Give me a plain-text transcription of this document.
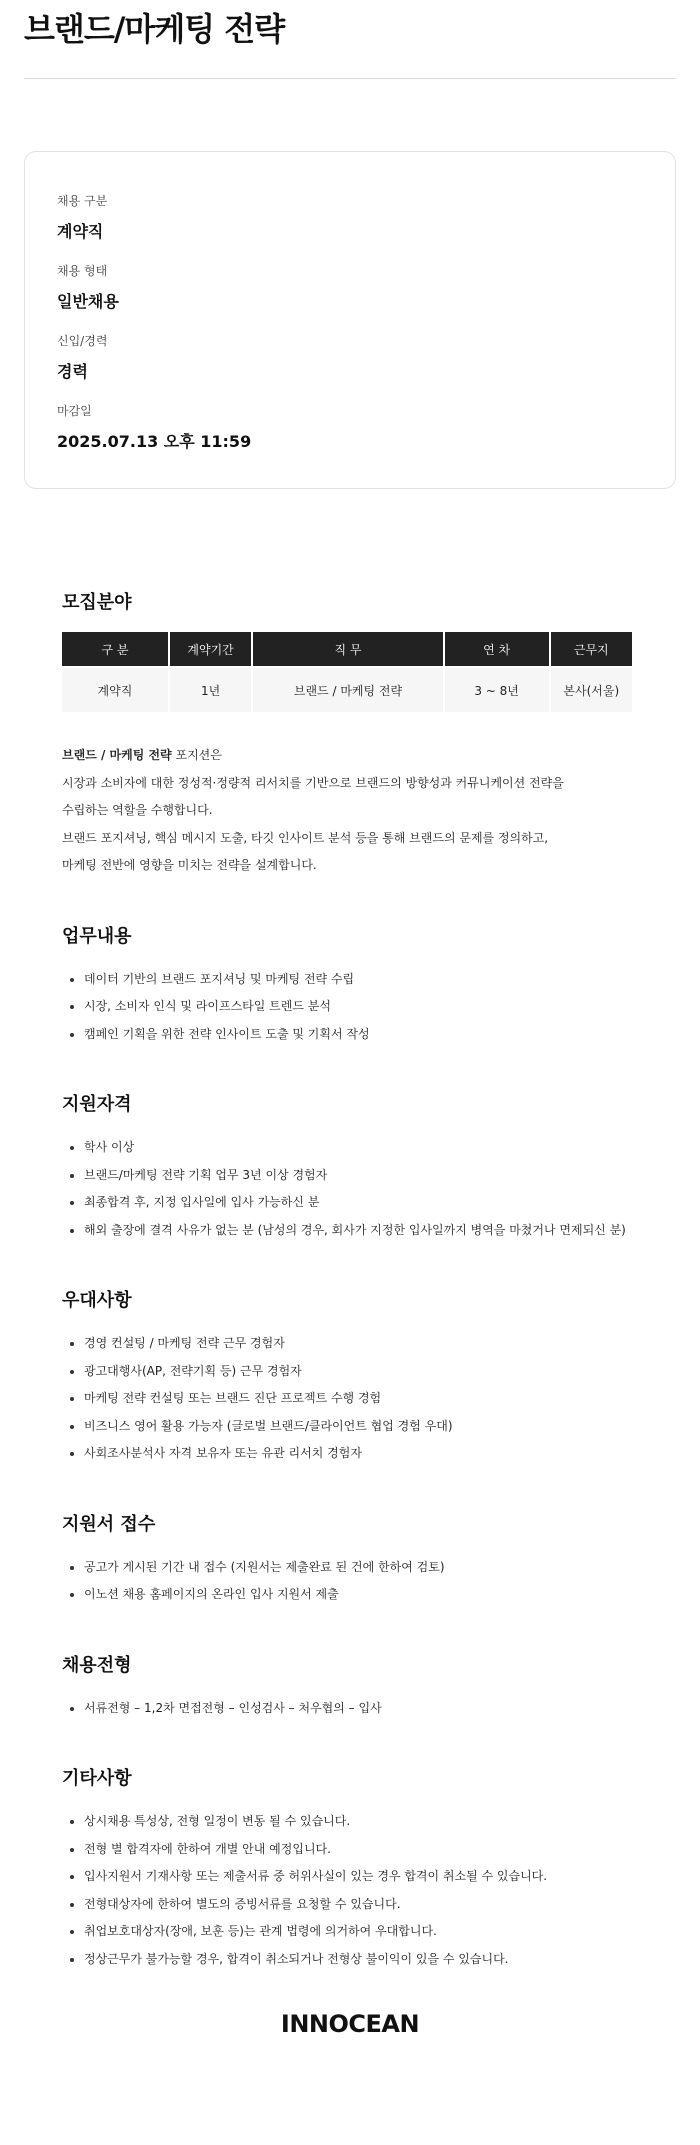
브랜드/마케팅 전략
채용 구분
계약직
채용 형태
일반채용
신입/경력
경력
마감일
2025.07.13 오후 11:59
모집분야
구 분	계약기간	직 무	연 차	근무지
계약직	1년	브랜드 / 마케팅 전략	3 ~ 8년	본사(서울)
브랜드 / 마케팅 전략 포지션은
시장과 소비자에 대한 정성적·정량적 리서치를 기반으로 브랜드의 방향성과 커뮤니케이션 전략을
수립하는 역할을 수행합니다.
브랜드 포지셔닝, 핵심 메시지 도출, 타깃 인사이트 분석 등을 통해 브랜드의 문제를 정의하고,
마케팅 전반에 영향을 미치는 전략을 설계합니다.
업무내용
데이터 기반의 브랜드 포지셔닝 및 마케팅 전략 수립
시장, 소비자 인식 및 라이프스타일 트렌드 분석
캠페인 기획을 위한 전략 인사이트 도출 및 기획서 작성
지원자격
학사 이상
브랜드/마케팅 전략 기획 업무 3년 이상 경험자
최종합격 후, 지정 입사일에 입사 가능하신 분
해외 출장에 결격 사유가 없는 분 (남성의 경우, 회사가 지정한 입사일까지 병역을 마쳤거나 면제되신 분)
우대사항
경영 컨설팅 / 마케팅 전략 근무 경험자
광고대행사(AP, 전략기획 등) 근무 경험자
마케팅 전략 컨설팅 또는 브랜드 진단 프로젝트 수행 경험
비즈니스 영어 활용 가능자 (글로벌 브랜드/클라이언트 협업 경험 우대)
사회조사분석사 자격 보유자 또는 유관 리서치 경험자
지원서 접수
공고가 게시된 기간 내 접수 (지원서는 제출완료 된 건에 한하여 검토)
이노션 채용 홈페이지의 온라인 입사 지원서 제출
채용전형
서류전형 – 1,2차 면접전형 – 인성검사 – 처우협의 – 입사
기타사항
상시채용 특성상, 전형 일정이 변동 될 수 있습니다.
전형 별 합격자에 한하여 개별 안내 예정입니다.
입사지원서 기재사항 또는 제출서류 중 허위사실이 있는 경우 합격이 취소될 수 있습니다.
전형대상자에 한하여 별도의 증빙서류를 요청할 수 있습니다.
취업보호대상자(장애, 보훈 등)는 관계 법령에 의거하여 우대합니다.
정상근무가 불가능할 경우, 합격이 취소되거나 전형상 불이익이 있을 수 있습니다.
INNOCEAN
